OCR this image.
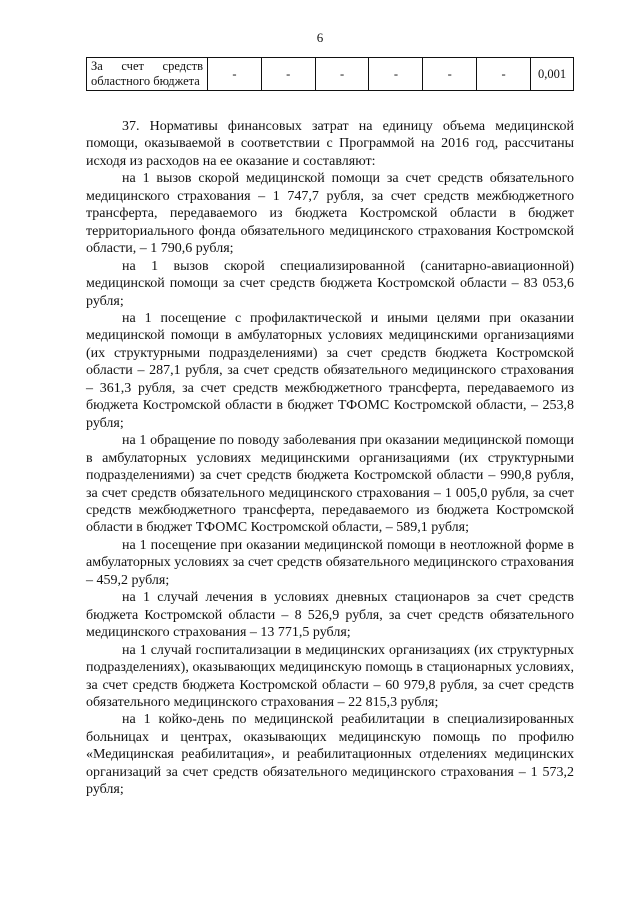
6
За счет средств областного бюджета	-	-	-	-	-	-	0,001

37. Нормативы финансовых затрат на единицу объема медицинской помощи, оказываемой в соответствии с Программой на 2016 год, рассчитаны исходя из расходов на ее оказание и составляют:

на 1 вызов скорой медицинской помощи за счет средств обязательного медицинского страхования – 1 747,7 рубля, за счет средств межбюджетного трансферта, передаваемого из бюджета Костромской области в бюджет территориального фонда обязательного медицинского страхования Костромской области, – 1 790,6 рубля;

на 1 вызов скорой специализированной (санитарно-авиационной) медицинской помощи за счет средств бюджета Костромской области – 83 053,6 рубля;

на 1 посещение с профилактической и иными целями при оказании медицинской помощи в амбулаторных условиях медицинскими организациями (их структурными подразделениями) за счет средств бюджета Костромской области – 287,1 рубля, за счет средств обязательного медицинского страхования – 361,3 рубля, за счет средств межбюджетного трансферта, передаваемого из бюджета Костромской области в бюджет ТФОМС Костромской области, – 253,8 рубля;

на 1 обращение по поводу заболевания при оказании медицинской помощи в амбулаторных условиях медицинскими организациями (их структурными подразделениями) за счет средств бюджета Костромской области – 990,8 рубля, за счет средств обязательного медицинского страхования – 1 005,0 рубля, за счет средств межбюджетного трансферта, передаваемого из бюджета Костромской области в бюджет ТФОМС Костромской области, – 589,1 рубля;

на 1 посещение при оказании медицинской помощи в неотложной форме в амбулаторных условиях за счет средств обязательного медицинского страхования – 459,2 рубля;

на 1 случай лечения в условиях дневных стационаров за счет средств бюджета Костромской области – 8 526,9 рубля, за счет средств обязательного медицинского страхования – 13 771,5 рубля;

на 1 случай госпитализации в медицинских организациях (их структурных подразделениях), оказывающих медицинскую помощь в стационарных условиях, за счет средств бюджета Костромской области – 60 979,8 рубля, за счет средств обязательного медицинского страхования – 22 815,3 рубля;

на 1 койко-день по медицинской реабилитации в специализированных больницах и центрах, оказывающих медицинскую помощь по профилю «Медицинская реабилитация», и реабилитационных отделениях медицинских организаций за счет средств обязательного медицинского страхования – 1 573,2 рубля;
